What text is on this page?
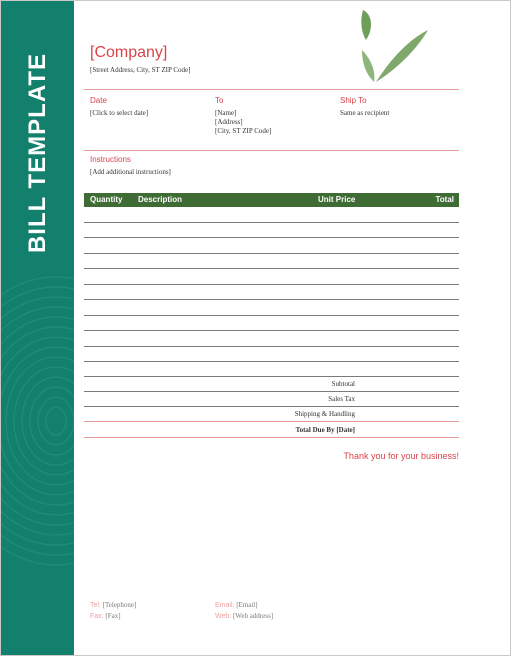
BILL TEMPLATE
[Company]
[Street Address, City, ST ZIP Code]
Date
[Click to select date]
To
[Name]
[Address]
[City, ST ZIP Code]
Ship To
Same as recipient
Instructions
[Add additional instructions]
Quantity Description	Unit Price	Total
Subtotal
Sales Tax
Shipping & Handling
Total Due By [Date]
Thank you for your business!
Tel: [Telephone]
Fax: [Fax]
Email: [Email]
Web: [Web address]
